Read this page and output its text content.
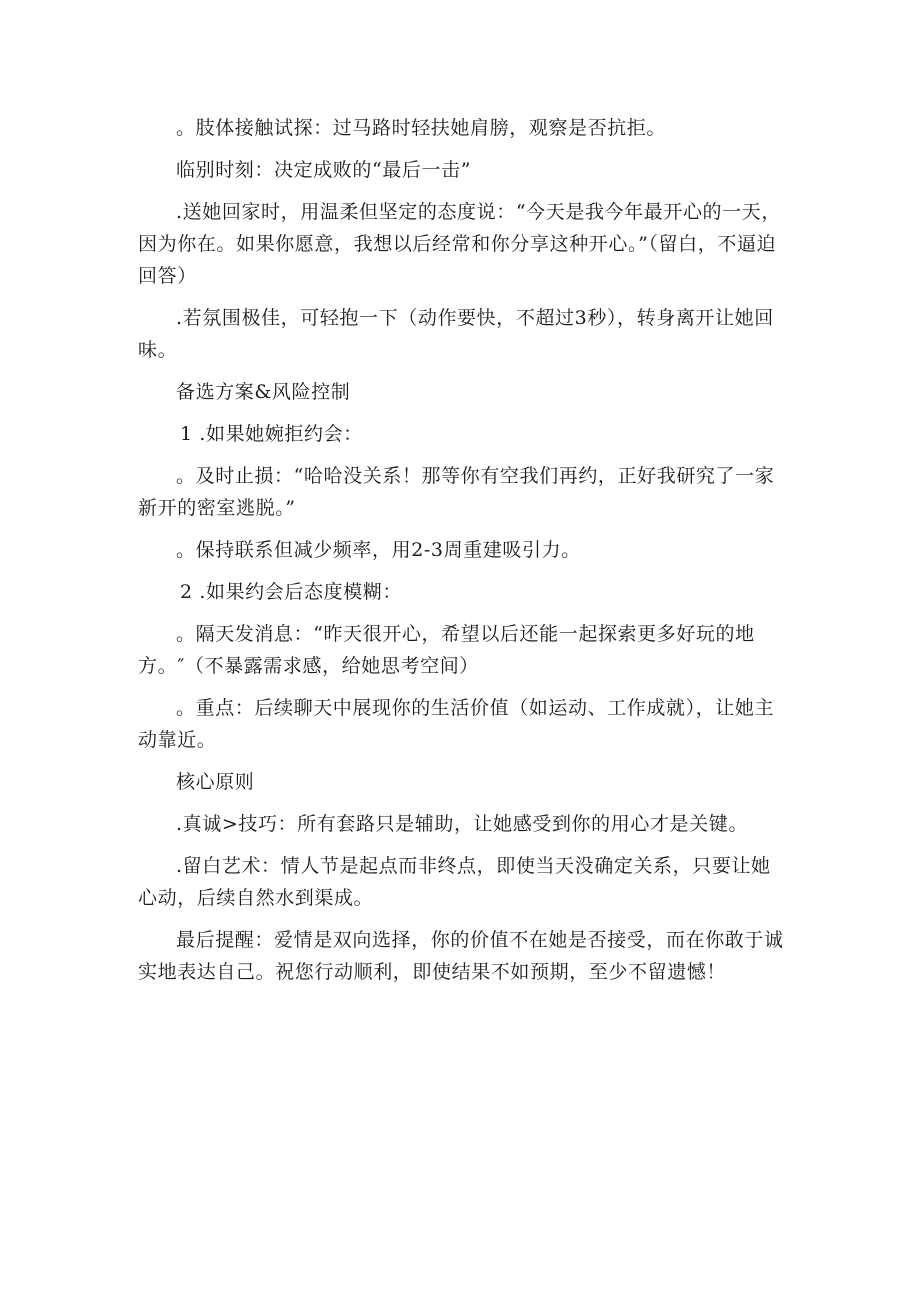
。肢体接触试探：过马路时轻扶她肩膀，观察是否抗拒。

临别时刻：决定成败的“最后一击”

.送她回家时，用温柔但坚定的态度说：“今天是我今年最开心的一天，因为你在。如果你愿意，我想以后经常和你分享这种开心。”（留白，不逼迫回答）

.若氛围极佳，可轻抱一下（动作要快，不超过3秒），转身离开让她回味。

备选方案&风险控制

1 .如果她婉拒约会：

。及时止损：“哈哈没关系！那等你有空我们再约，正好我研究了一家新开的密室逃脱。”

。保持联系但减少频率，用2-3周重建吸引力。

2 .如果约会后态度模糊：

。隔天发消息：“昨天很开心，希望以后还能一起探索更多好玩的地方。″（不暴露需求感，给她思考空间）

。重点：后续聊天中展现你的生活价值（如运动、工作成就），让她主动靠近。

核心原则

.真诚>技巧：所有套路只是辅助，让她感受到你的用心才是关键。

.留白艺术：情人节是起点而非终点，即使当天没确定关系，只要让她心动，后续自然水到渠成。

最后提醒：爱情是双向选择，你的价值不在她是否接受，而在你敢于诚实地表达自己。祝您行动顺利，即使结果不如预期，至少不留遗憾！
